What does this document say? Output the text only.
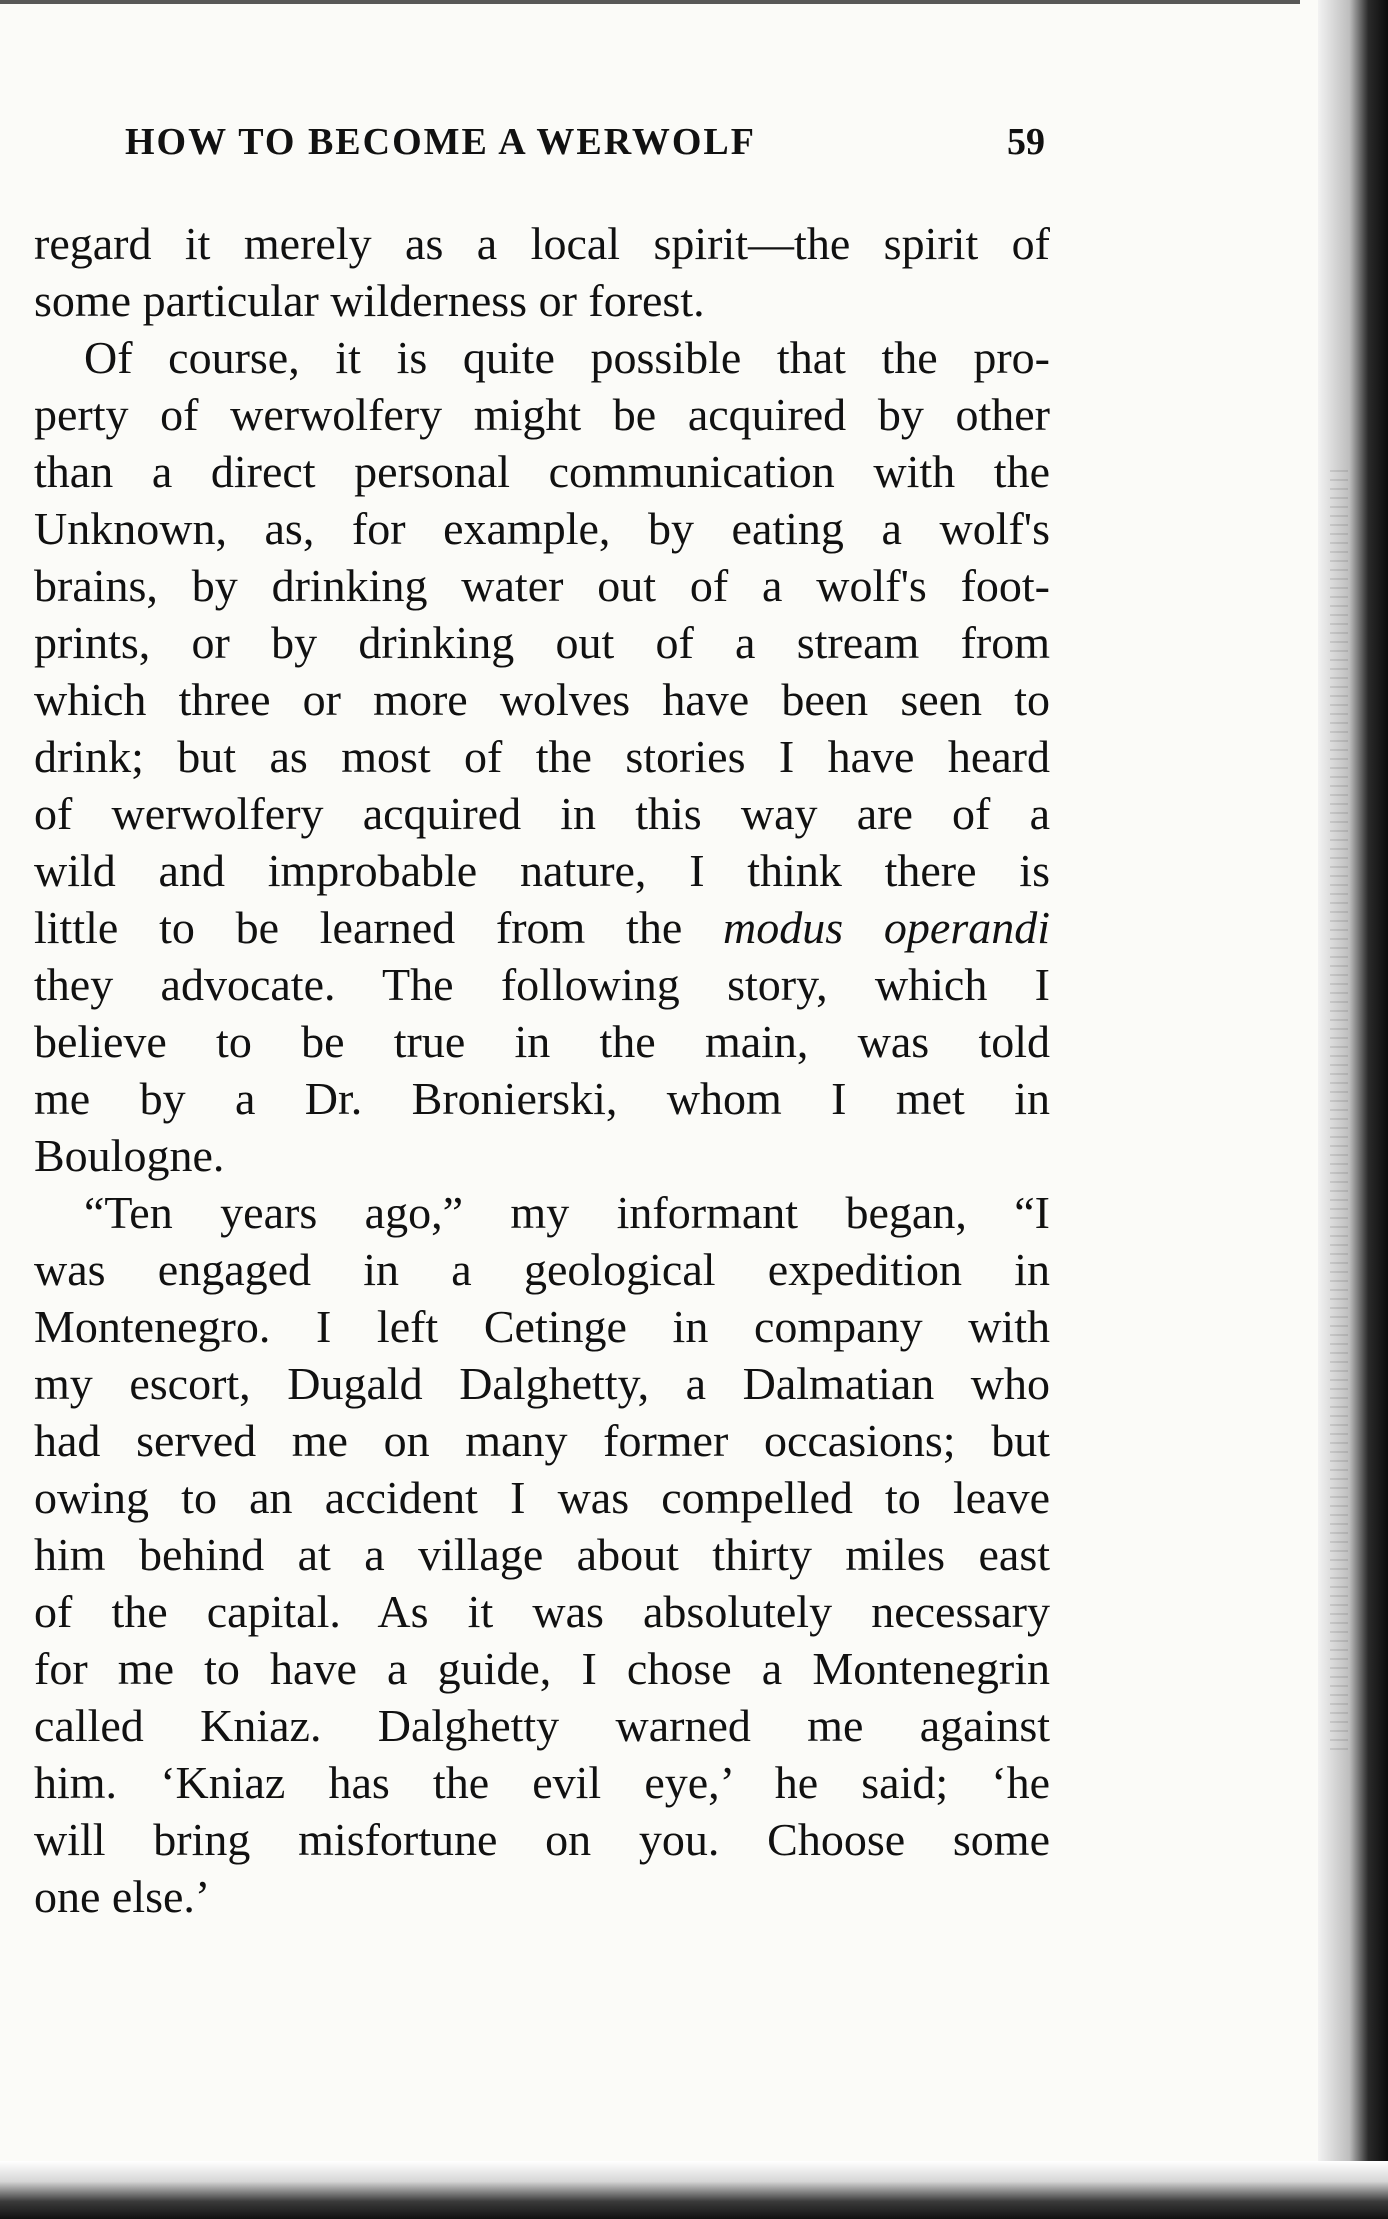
HOW TO BECOME A WERWOLF	59
regard it merely as a local spirit—the spirit of
some particular wilderness or forest.
Of course, it is quite possible that the pro-
perty of werwolfery might be acquired by other
than a direct personal communication with the
Unknown, as, for example, by eating a wolf's
brains, by drinking water out of a wolf's foot-
prints, or by drinking out of a stream from
which three or more wolves have been seen to
drink; but as most of the stories I have heard
of werwolfery acquired in this way are of a
wild and improbable nature, I think there is
little to be learned from the modus operandi
they advocate. The following story, which I
believe to be true in the main, was told
me by a Dr. Bronierski, whom I met in
Boulogne.
“Ten years ago,” my informant began, “I
was engaged in a geological expedition in
Montenegro. I left Cetinge in company with
my escort, Dugald Dalghetty, a Dalmatian who
had served me on many former occasions; but
owing to an accident I was compelled to leave
him behind at a village about thirty miles east
of the capital. As it was absolutely necessary
for me to have a guide, I chose a Montenegrin
called Kniaz. Dalghetty warned me against
him. ‘Kniaz has the evil eye,’ he said; ‘he
will bring misfortune on you. Choose some
one else.’
